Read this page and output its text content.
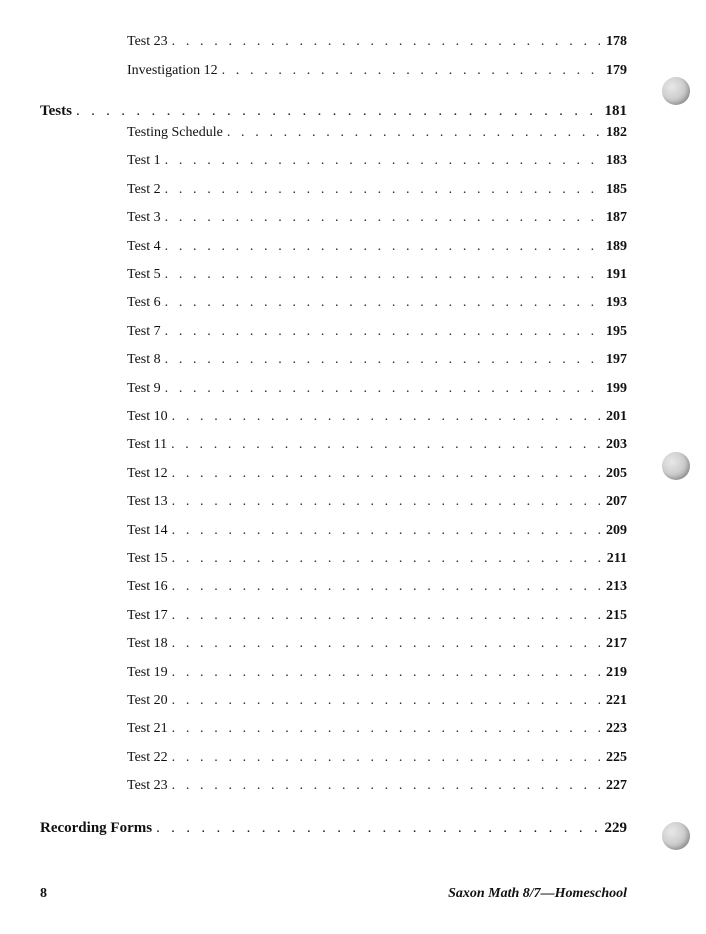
Test 23 . . .	178
Investigation 12 . . .	179
Tests . . .	181
Testing Schedule . . .	182
Test 1 . . .	183
Test 2 . . .	185
Test 3 . . .	187
Test 4 . . .	189
Test 5 . . .	191
Test 6 . . .	193
Test 7 . . .	195
Test 8 . . .	197
Test 9 . . .	199
Test 10 . . .	201
Test 11 . . .	203
Test 12 . . .	205
Test 13 . . .	207
Test 14 . . .	209
Test 15 . . .	211
Test 16 . . .	213
Test 17 . . .	215
Test 18 . . .	217
Test 19 . . .	219
Test 20 . . .	221
Test 21 . . .	223
Test 22 . . .	225
Test 23 . . .	227
Recording Forms . . .	229
8	Saxon Math 8/7—Homeschool
